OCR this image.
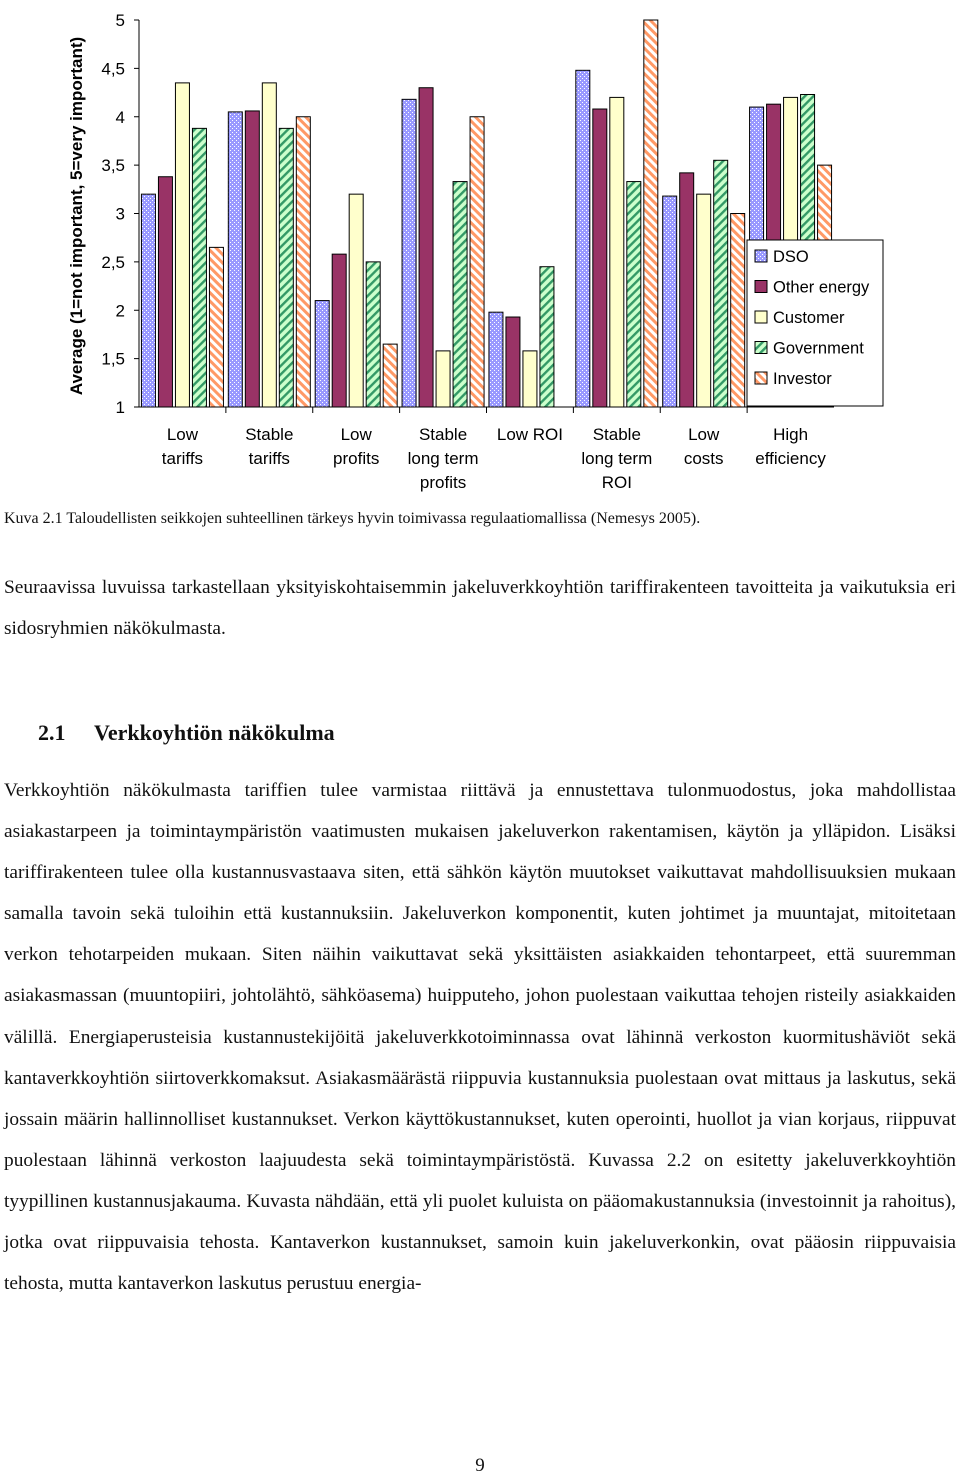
Low tariffs
Stable tariffs
Low profits
Stable long term profits
Low ROI	Stable long term ROI
Low costs
High efficiency
1
1,5
2
2,5
3
3,5
4
4,5
5
Average (1=not important, 5=very important)	DSO
Other energy
Customer
Government
Investor
Kuva 2.1 Taloudellisten seikkojen suhteellinen tärkeys hyvin toimivassa regulaatiomallissa (Nemesys 2005).

Seuraavissa luvuissa tarkastellaan yksityiskohtaisemmin jakeluverkkoyhtiön tariffirakenteen tavoitteita ja vaikutuksia eri sidosryhmien näkökulmasta.

2.1 Verkkoyhtiön näkökulma

Verkkoyhtiön näkökulmasta tariffien tulee varmistaa riittävä ja ennustettava tulonmuodostus, joka mahdollistaa asiakastarpeen ja toimintaympäristön vaatimusten mukaisen jakeluverkon rakentamisen, käytön ja ylläpidon. Lisäksi tariffirakenteen tulee olla kustannusvastaava siten, että sähkön käytön muutokset vaikuttavat mahdollisuuksien mukaan samalla tavoin sekä tuloihin että kustannuksiin. Jakeluverkon komponentit, kuten johtimet ja muuntajat, mitoitetaan verkon tehotarpeiden mukaan. Siten näihin vaikuttavat sekä yksittäisten asiakkaiden tehontarpeet, että suuremman asiakasmassan (muuntopiiri, johtolähtö, sähköasema) huipputeho, johon puolestaan vaikuttaa tehojen risteily asiakkaiden välillä. Energiaperusteisia kustannustekijöitä jakeluverkkotoiminnassa ovat lähinnä verkoston kuormitushäviöt sekä kantaverkkoyhtiön siirtoverkkomaksut. Asiakasmäärästä riippuvia kustannuksia puolestaan ovat mittaus ja laskutus, sekä jossain määrin hallinnolliset kustannukset. Verkon käyttökustannukset, kuten operointi, huollot ja vian korjaus, riippuvat puolestaan lähinnä verkoston laajuudesta sekä toimintaympäristöstä. Kuvassa 2.2 on esitetty jakeluverkkoyhtiön tyypillinen kustannusjakauma. Kuvasta nähdään, että yli puolet kuluista on pääomakustannuksia (investoinnit ja rahoitus), jotka ovat riippuvaisia tehosta. Kantaverkon kustannukset, samoin kuin jakeluverkonkin, ovat pääosin riippuvaisia tehosta, mutta kantaverkon laskutus perustuu energia-

9
